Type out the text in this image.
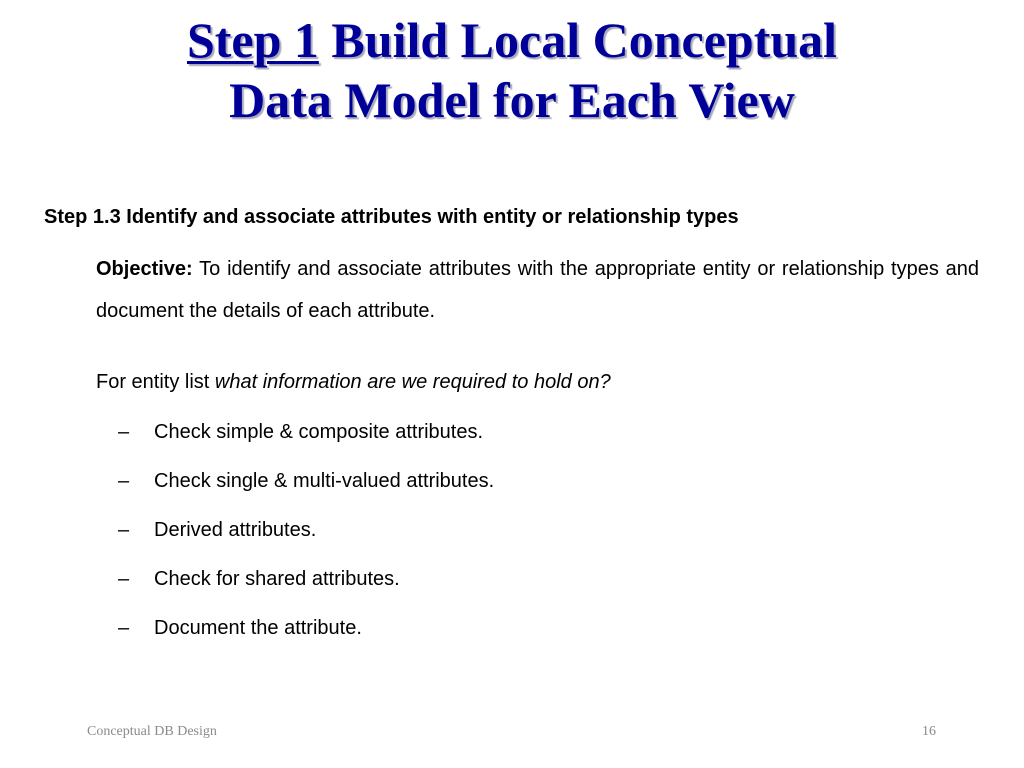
Step 1 Build Local Conceptual
Data Model for Each View
Step 1.3 Identify and associate attributes with entity or relationship types

Objective: To identify and associate attributes with the appropriate entity or relationship types and document the details of each attribute.

For entity list what information are we required to hold on?
–	Check simple & composite attributes.
–	Check single & multi-valued attributes.
–	Derived attributes.
–	Check for shared attributes.
–	Document the attribute.
Conceptual DB Design	16
